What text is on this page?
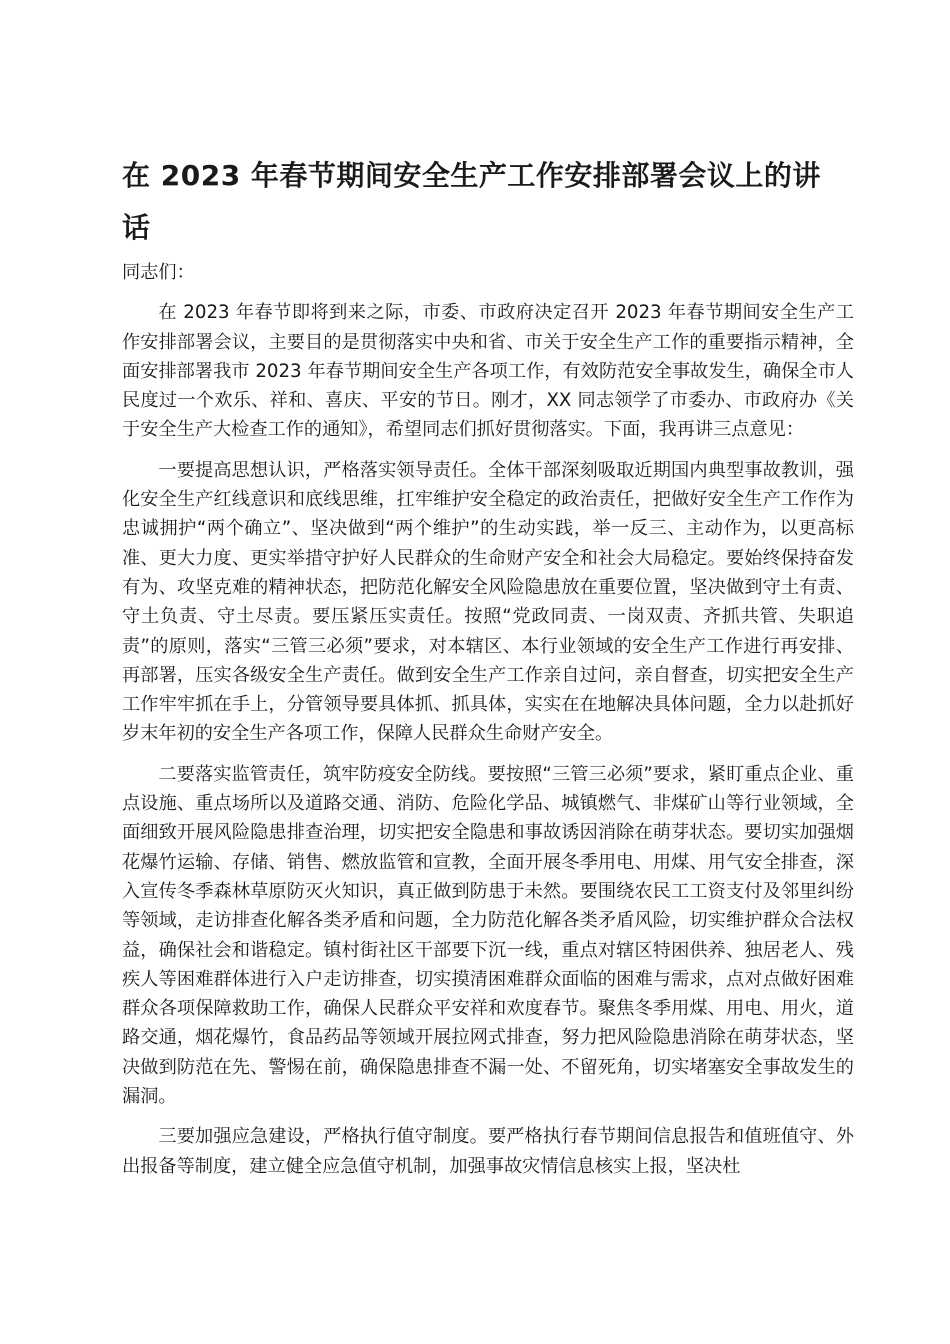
在 2023 年春节期间安全生产工作安排部署会议上的讲话

同志们：

在 2023 年春节即将到来之际，市委、市政府决定召开 2023 年春节期间安全生产工作安排部署会议，主要目的是贯彻落实中央和省、市关于安全生产工作的重要指示精神，全面安排部署我市 2023 年春节期间安全生产各项工作，有效防范安全事故发生，确保全市人民度过一个欢乐、祥和、喜庆、平安的节日。刚才，XX 同志领学了市委办、市政府办《关于安全生产大检查工作的通知》，希望同志们抓好贯彻落实。下面，我再讲三点意见：

一要提高思想认识，严格落实领导责任。全体干部深刻吸取近期国内典型事故教训，强化安全生产红线意识和底线思维，扛牢维护安全稳定的政治责任，把做好安全生产工作作为忠诚拥护“两个确立”、坚决做到“两个维护”的生动实践，举一反三、主动作为，以更高标准、更大力度、更实举措守护好人民群众的生命财产安全和社会大局稳定。要始终保持奋发有为、攻坚克难的精神状态，把防范化解安全风险隐患放在重要位置，坚决做到守土有责、守土负责、守土尽责。要压紧压实责任。按照“党政同责、一岗双责、齐抓共管、失职追责”的原则，落实“三管三必须”要求，对本辖区、本行业领域的安全生产工作进行再安排、再部署，压实各级安全生产责任。做到安全生产工作亲自过问，亲自督查，切实把安全生产工作牢牢抓在手上，分管领导要具体抓、抓具体，实实在在地解决具体问题，全力以赴抓好岁末年初的安全生产各项工作，保障人民群众生命财产安全。

二要落实监管责任，筑牢防疫安全防线。要按照“三管三必须”要求，紧盯重点企业、重点设施、重点场所以及道路交通、消防、危险化学品、城镇燃气、非煤矿山等行业领域，全面细致开展风险隐患排查治理，切实把安全隐患和事故诱因消除在萌芽状态。要切实加强烟花爆竹运输、存储、销售、燃放监管和宣教，全面开展冬季用电、用煤、用气安全排查，深入宣传冬季森林草原防灭火知识，真正做到防患于未然。要围绕农民工工资支付及邻里纠纷等领域，走访排查化解各类矛盾和问题，全力防范化解各类矛盾风险，切实维护群众合法权益，确保社会和谐稳定。镇村街社区干部要下沉一线，重点对辖区特困供养、独居老人、残疾人等困难群体进行入户走访排查，切实摸清困难群众面临的困难与需求，点对点做好困难群众各项保障救助工作，确保人民群众平安祥和欢度春节。聚焦冬季用煤、用电、用火，道路交通，烟花爆竹，食品药品等领域开展拉网式排查，努力把风险隐患消除在萌芽状态，坚决做到防范在先、警惕在前，确保隐患排查不漏一处、不留死角，切实堵塞安全事故发生的漏洞。

三要加强应急建设，严格执行值守制度。要严格执行春节期间信息报告和值班值守、外出报备等制度，建立健全应急值守机制，加强事故灾情信息核实上报，坚决杜
